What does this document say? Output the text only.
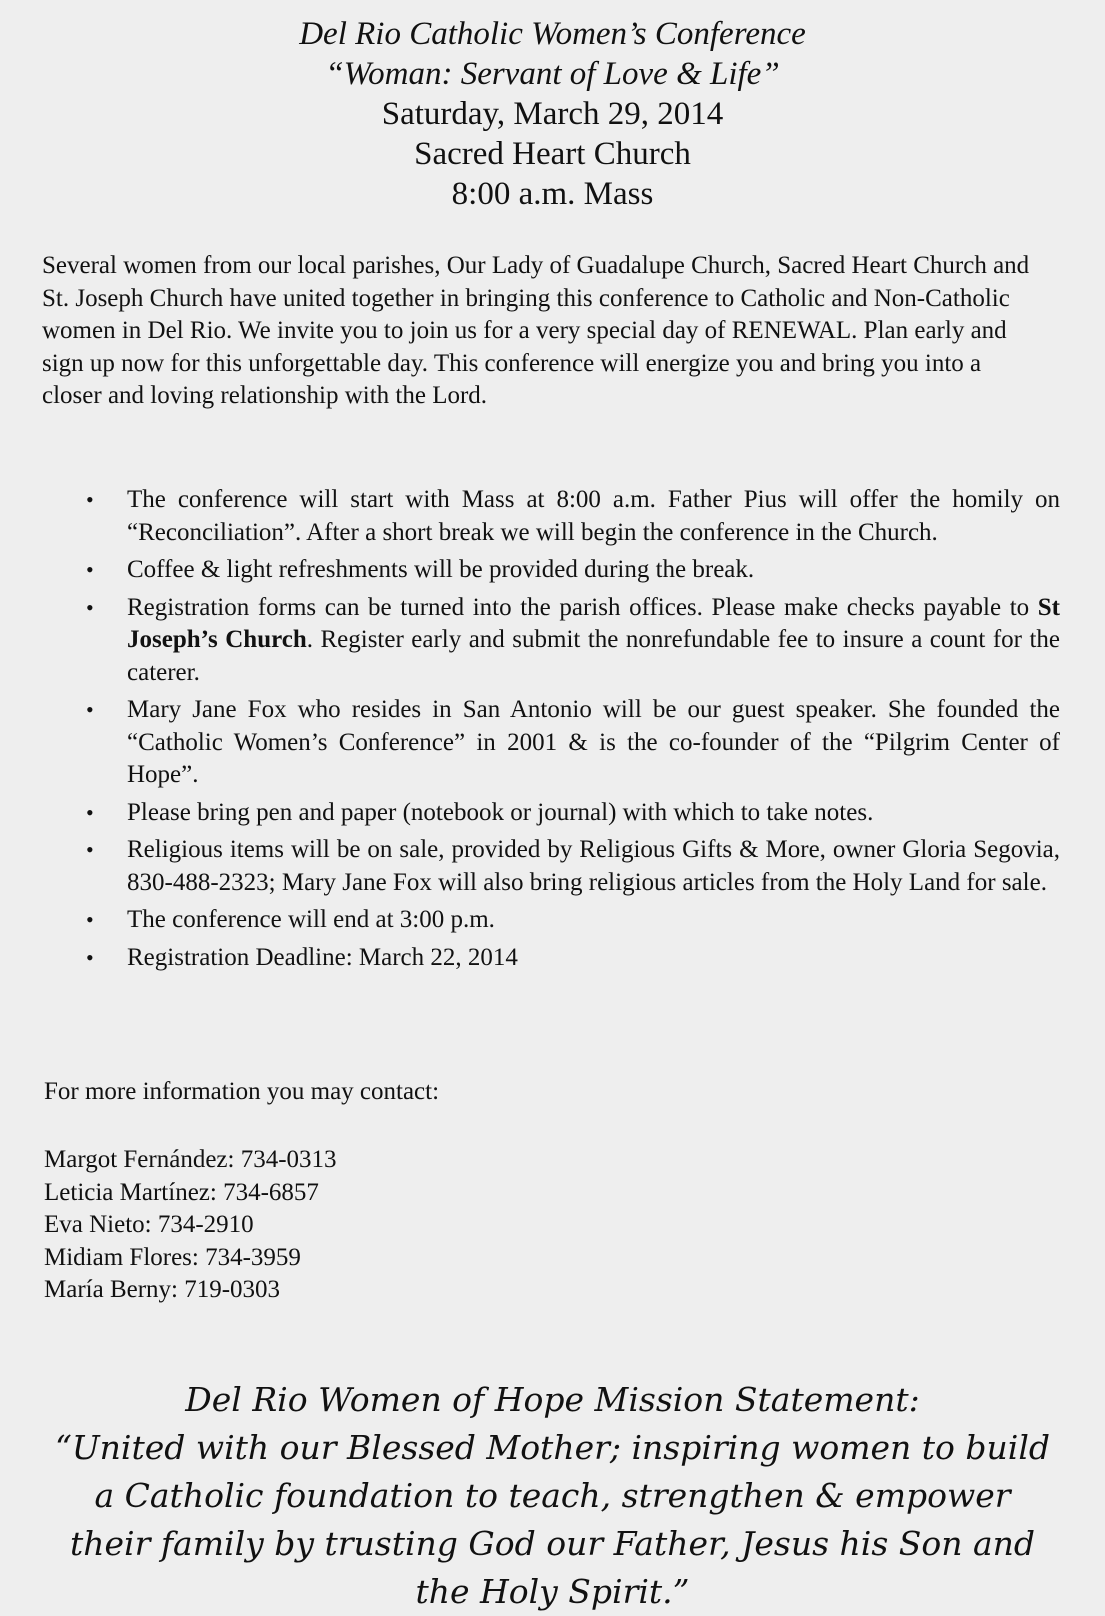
Del Rio Catholic Women’s Conference
“Woman: Servant of Love & Life”
Saturday, March 29, 2014
Sacred Heart Church
8:00 a.m. Mass

Several women from our local parishes, Our Lady of Guadalupe Church, Sacred Heart Church and St. Joseph Church have united together in bringing this conference to Catholic and Non-Catholic women in Del Rio. We invite you to join us for a very special day of RENEWAL. Plan early and sign up now for this unforgettable day. This conference will energize you and bring you into a closer and loving relationship with the Lord.

• The conference will start with Mass at 8:00 a.m. Father Pius will offer the homily on “Reconciliation”. After a short break we will begin the conference in the Church.
• Coffee & light refreshments will be provided during the break.
• Registration forms can be turned into the parish offices. Please make checks payable to St Joseph’s Church. Register early and submit the nonrefundable fee to insure a count for the caterer.
• Mary Jane Fox who resides in San Antonio will be our guest speaker. She founded the “Catholic Women’s Conference” in 2001 & is the co-founder of the “Pilgrim Center of Hope”.
• Please bring pen and paper (notebook or journal) with which to take notes.
• Religious items will be on sale, provided by Religious Gifts & More, owner Gloria Segovia, 830-488-2323; Mary Jane Fox will also bring religious articles from the Holy Land for sale.
• The conference will end at 3:00 p.m.
• Registration Deadline: March 22, 2014

For more information you may contact:

Margot Fernández: 734-0313
Leticia Martínez: 734-6857
Eva Nieto: 734-2910
Midiam Flores: 734-3959
María Berny: 719-0303
Del Rio Women of Hope Mission Statement:
“United with our Blessed Mother; inspiring women to build a Catholic foundation to teach, strengthen & empower their family by trusting God our Father, Jesus his Son and the Holy Spirit.”
